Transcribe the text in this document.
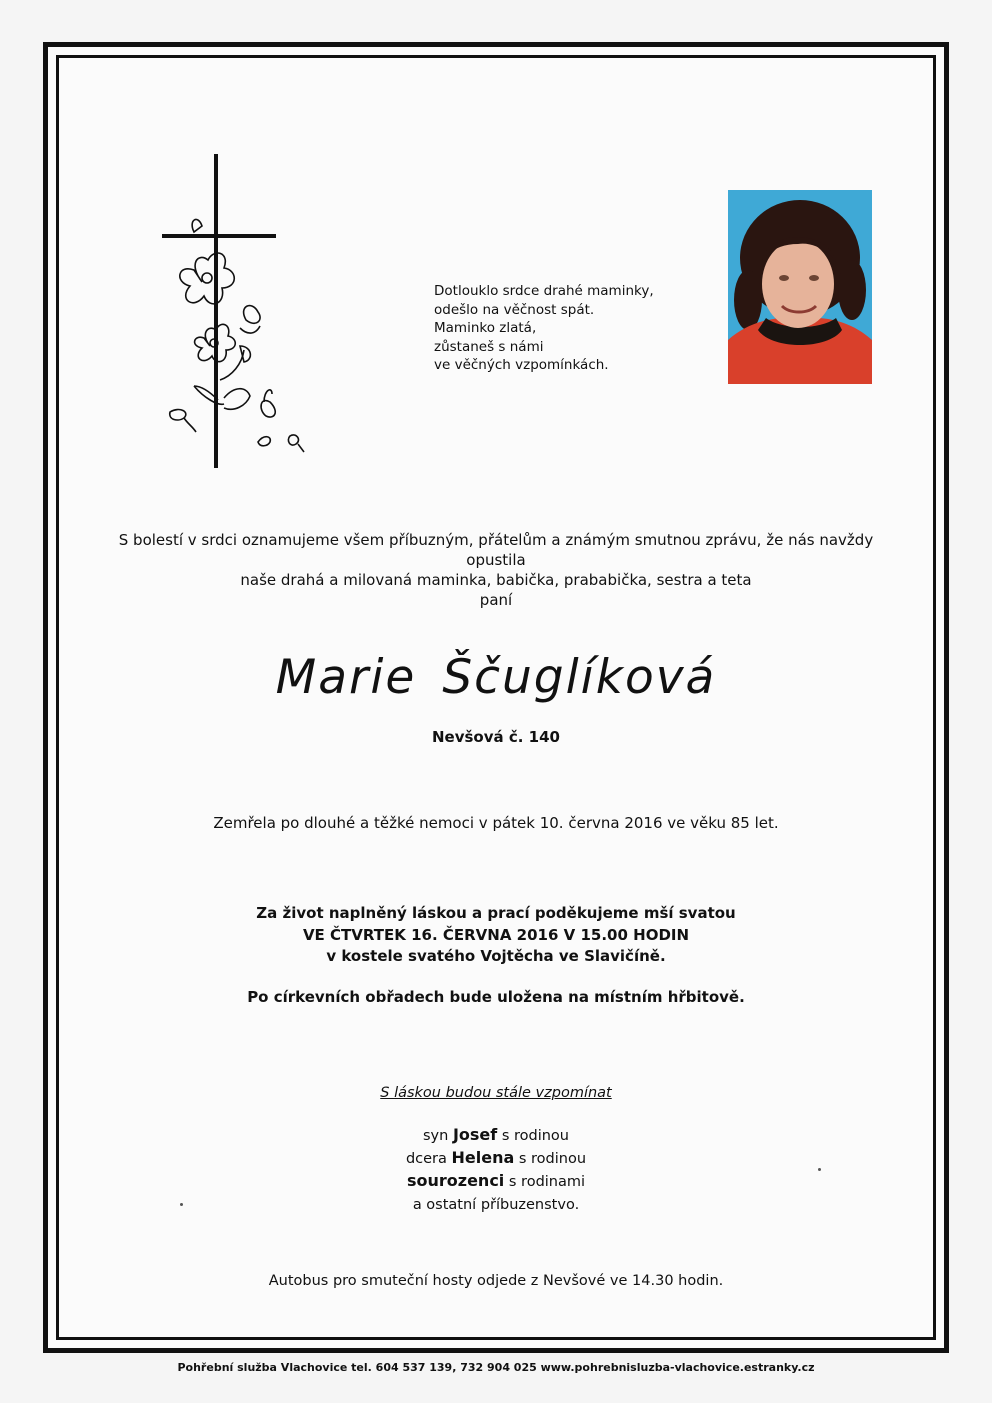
Dotlouklo srdce drahé maminky,
odešlo na věčnost spát.
Maminko zlatá,
zůstaneš s námi
ve věčných vzpomínkách.
S bolestí v srdci oznamujeme všem příbuzným, přátelům a známým smutnou zprávu, že nás navždy opustila
naše drahá a milovaná maminka, babička, prababička, sestra a teta
paní
Marie Ščuglíková
Nevšová č. 140
Zemřela po dlouhé a těžké nemoci v pátek 10. června 2016 ve věku 85 let.
Za život naplněný láskou a prací poděkujeme mší svatou
VE ČTVRTEK 16. ČERVNA 2016 V 15.00 HODIN
v kostele svatého Vojtěcha ve Slavičíně.
Po církevních obřadech bude uložena na místním hřbitově.
S láskou budou stále vzpomínat
syn Josef s rodinou
dcera Helena s rodinou
sourozenci s rodinami
a ostatní příbuzenstvo.
Autobus pro smuteční hosty odjede z Nevšové ve 14.30 hodin.
Pohřební služba Vlachovice tel. 604 537 139, 732 904 025 www.pohrebnisluzba-vlachovice.estranky.cz
